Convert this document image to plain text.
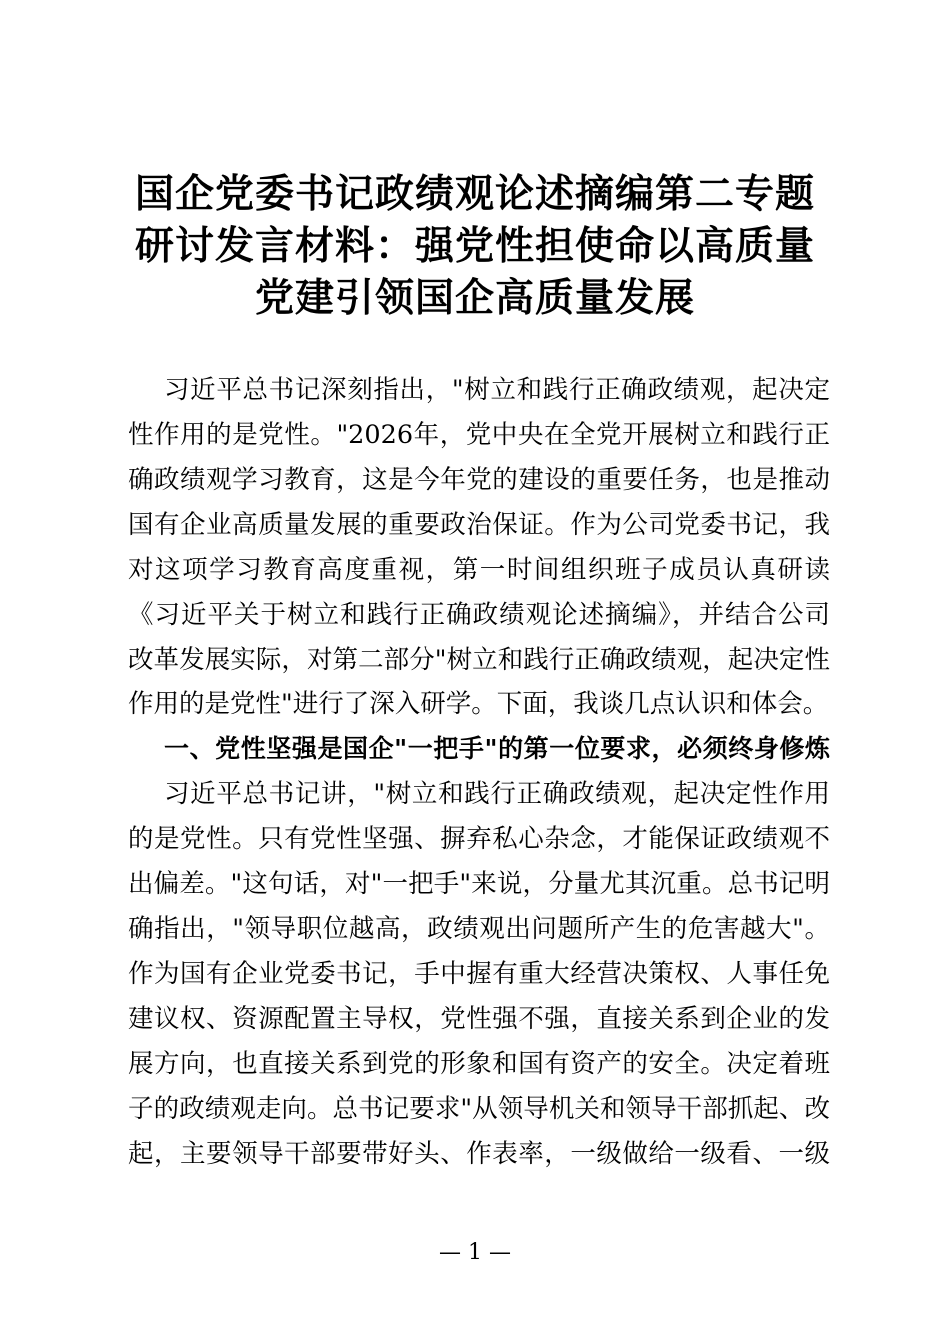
国企党委书记政绩观论述摘编第二专题
研讨发言材料：强党性担使命以高质量
党建引领国企高质量发展
习近平总书记深刻指出，"树立和践行正确政绩观，起决定
性作用的是党性。"2026年，党中央在全党开展树立和践行正
确政绩观学习教育，这是今年党的建设的重要任务，也是推动
国有企业高质量发展的重要政治保证。作为公司党委书记，我
对这项学习教育高度重视，第一时间组织班子成员认真研读
《习近平关于树立和践行正确政绩观论述摘编》，并结合公司
改革发展实际，对第二部分"树立和践行正确政绩观，起决定性
作用的是党性"进行了深入研学。下面，我谈几点认识和体会。
一、党性坚强是国企"一把手"的第一位要求，必须终身修炼
习近平总书记讲，"树立和践行正确政绩观，起决定性作用
的是党性。只有党性坚强、摒弃私心杂念，才能保证政绩观不
出偏差。"这句话，对"一把手"来说，分量尤其沉重。总书记明
确指出，"领导职位越高，政绩观出问题所产生的危害越大"。
作为国有企业党委书记，手中握有重大经营决策权、人事任免
建议权、资源配置主导权，党性强不强，直接关系到企业的发
展方向，也直接关系到党的形象和国有资产的安全。决定着班
子的政绩观走向。总书记要求"从领导机关和领导干部抓起、改
起，主要领导干部要带好头、作表率，一级做给一级看、一级
— 1 —
